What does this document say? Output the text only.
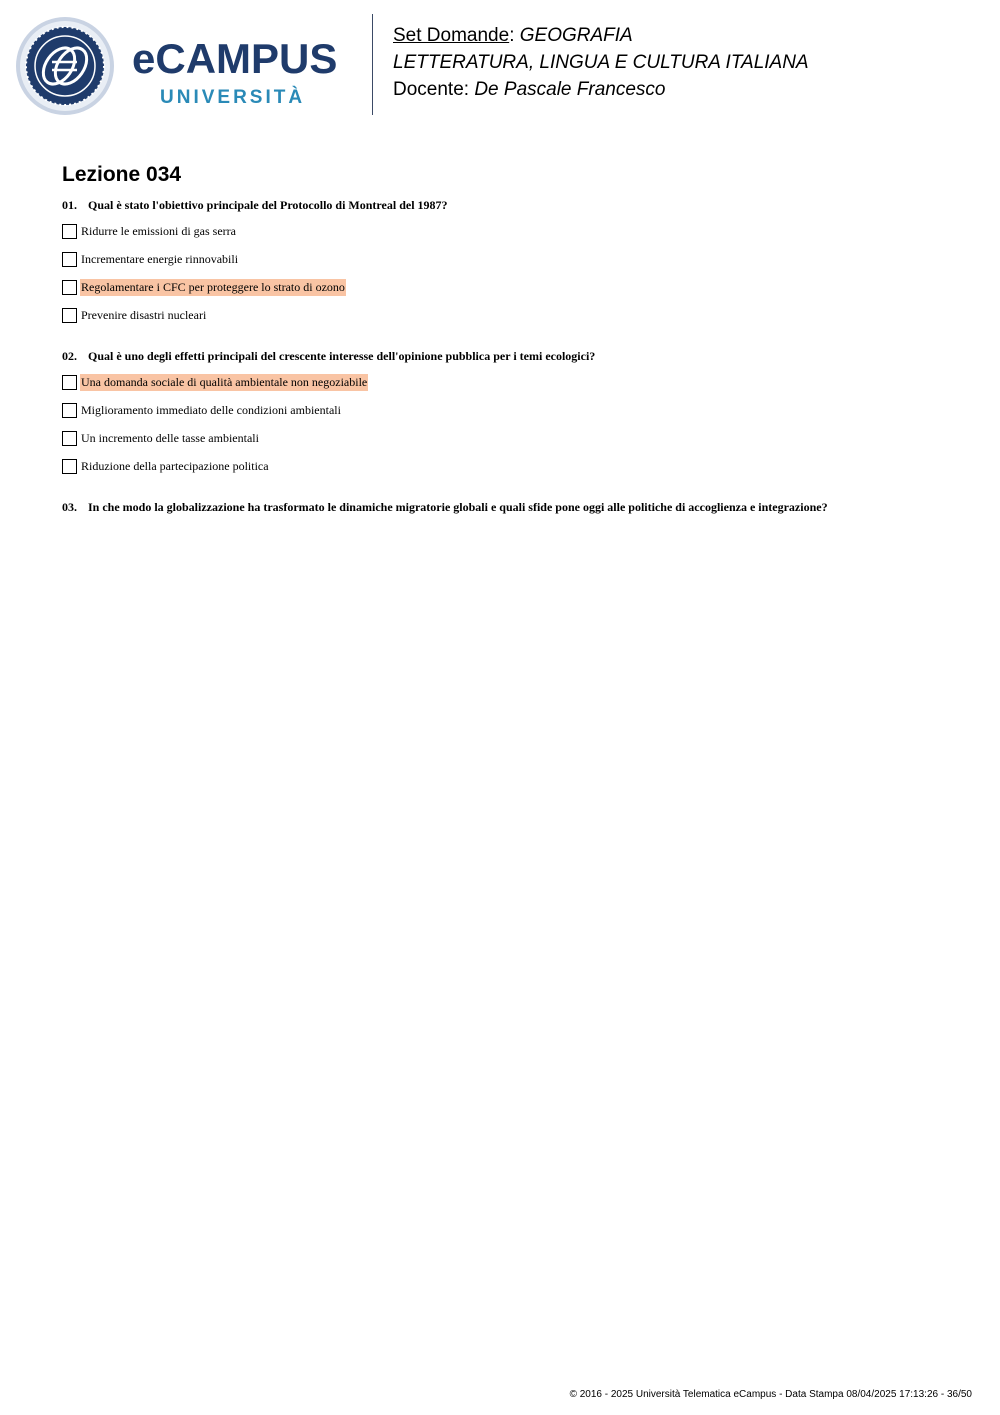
eCAMPUS
UNIVERSITÀ
Set Domande: GEOGRAFIA
LETTERATURA, LINGUA E CULTURA ITALIANA
Docente: De Pascale Francesco
Lezione 034
01. Qual è stato l'obiettivo principale del Protocollo di Montreal del 1987?
Ridurre le emissioni di gas serra
Incrementare energie rinnovabili
Regolamentare i CFC per proteggere lo strato di ozono
Prevenire disastri nucleari
02. Qual è uno degli effetti principali del crescente interesse dell'opinione pubblica per i temi ecologici?
Una domanda sociale di qualità ambientale non negoziabile
Miglioramento immediato delle condizioni ambientali
Un incremento delle tasse ambientali
Riduzione della partecipazione politica
03. In che modo la globalizzazione ha trasformato le dinamiche migratorie globali e quali sfide pone oggi alle politiche di accoglienza e integrazione?
© 2016 - 2025 Università Telematica eCampus - Data Stampa 08/04/2025 17:13:26 - 36/50
